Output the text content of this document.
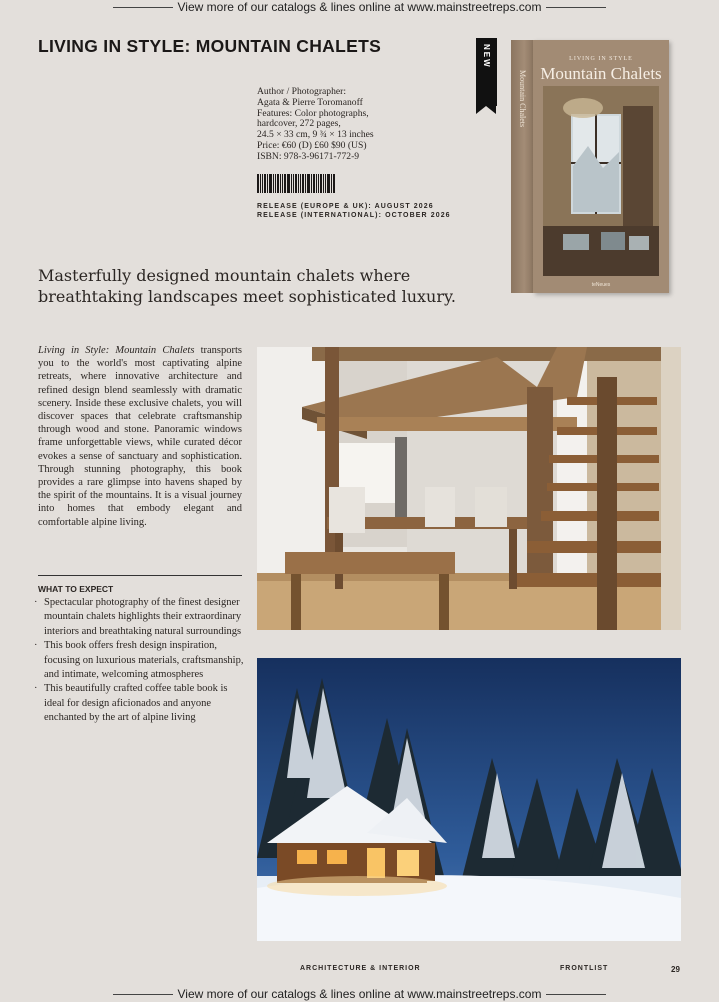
View more of our catalogs & lines online at www.mainstreetreps.com
LIVING IN STYLE: MOUNTAIN CHALETS
Author / Photographer:
Agata & Pierre Toromanoff
Features: Color photographs,
hardcover, 272 pages,
24.5 × 33 cm, 9 ¾ × 13 inches
Price: €60 (D) £60 $90 (US)
ISBN: 978-3-96171-772-9
RELEASE (EUROPE & UK): AUGUST 2026
RELEASE (INTERNATIONAL): OCTOBER 2026
NEW
Mountain Chalets
LIVING IN STYLE
Mountain Chalets
teNeues

Masterfully designed mountain chalets where breathtaking landscapes meet sophisticated luxury.

Living in Style: Mountain Chalets transports you to the world's most captivating alpine retreats, where innovative architecture and refined design blend seamlessly with dramatic scenery. Inside these exclusive chalets, you will discover spaces that celebrate craftsmanship through wood and stone. Panoramic windows frame unforgettable views, while curated décor evokes a sense of sanctuary and sophistication. Through stunning photography, this book provides a rare glimpse into havens shaped by the spirit of the mountains. It is a visual journey into homes that embody elegant and comfortable alpine living.

WHAT TO EXPECT
· Spectacular photography of the finest designer mountain chalets highlights their extraordinary interiors and breathtaking natural surroundings
· This book offers fresh design inspiration, focusing on luxurious materials, craftsmanship, and intimate, welcoming atmospheres
· This beautifully crafted coffee table book is ideal for design aficionados and anyone enchanted by the art of alpine living
ARCHITECTURE & INTERIOR	FRONTLIST	29
View more of our catalogs & lines online at www.mainstreetreps.com
